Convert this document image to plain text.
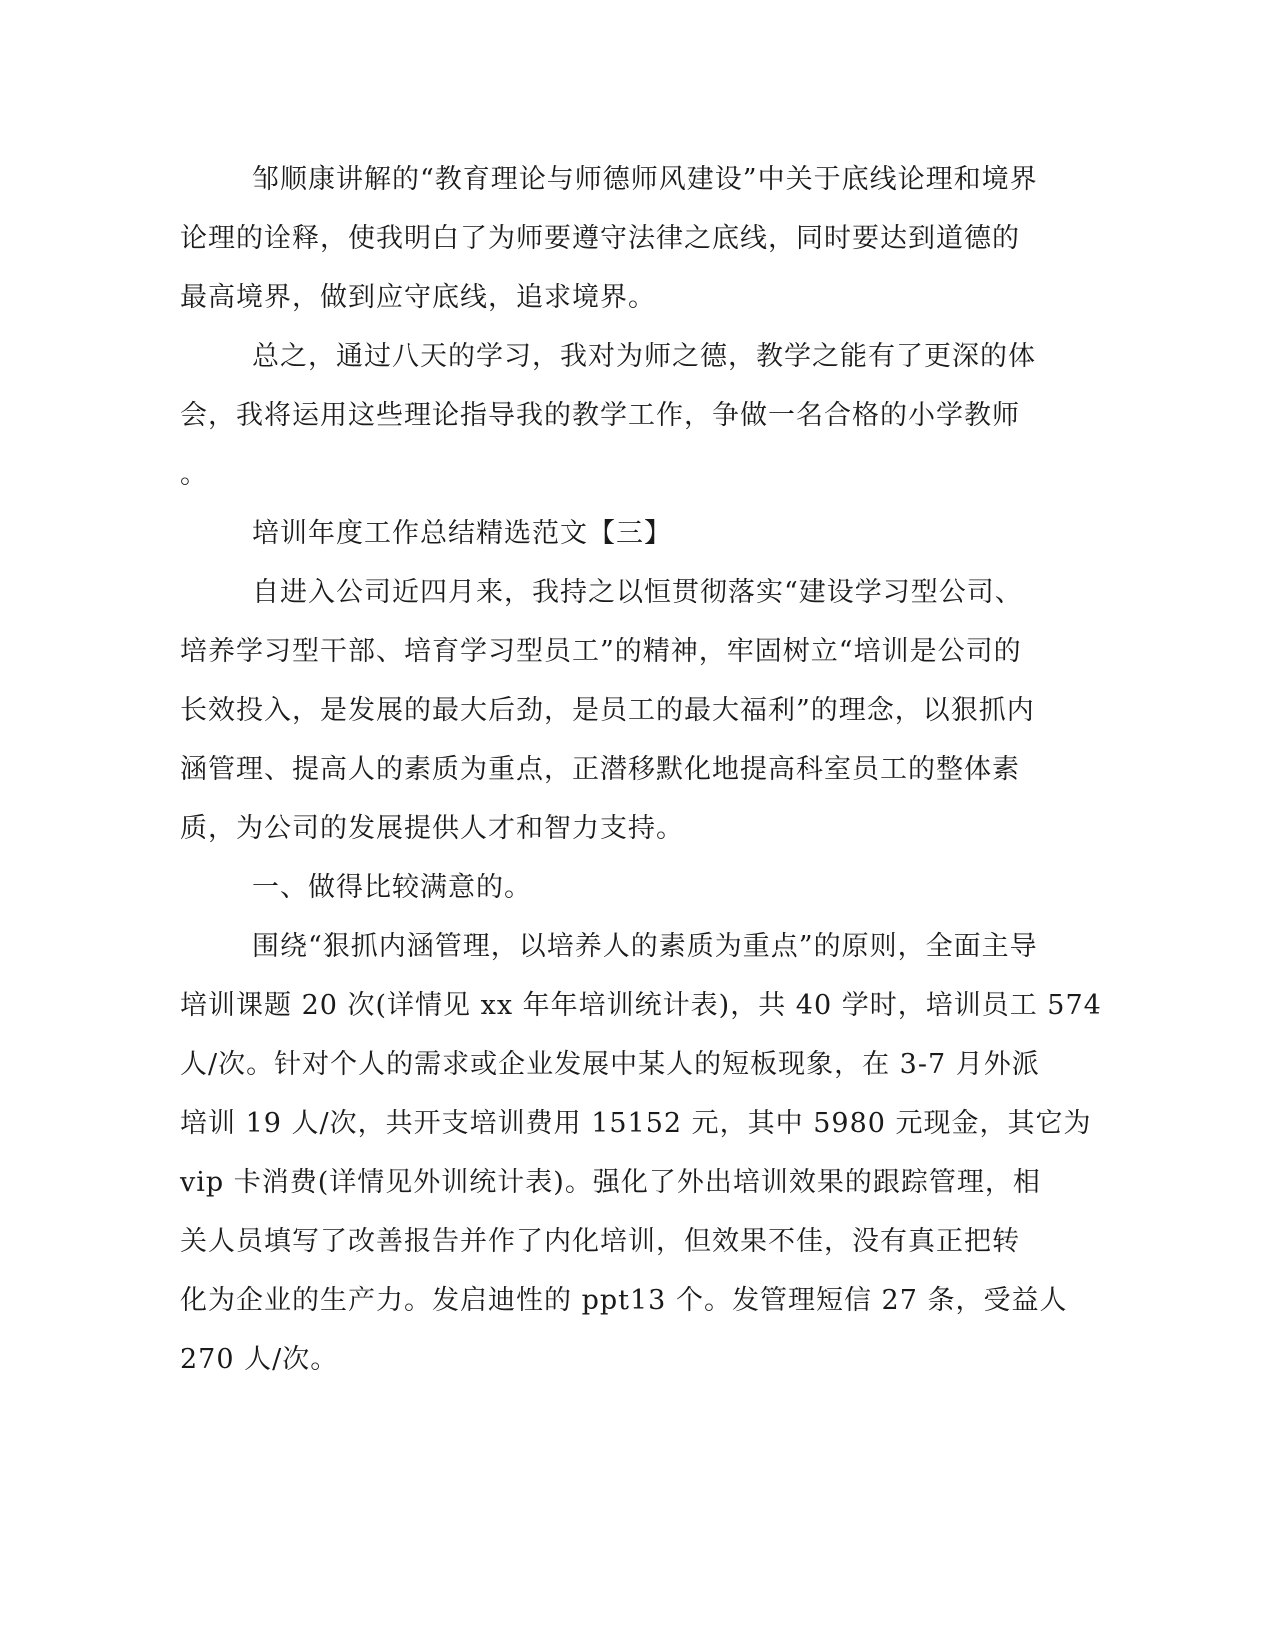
邹顺康讲解的“教育理论与师德师风建设”中关于底线论理和境界
论理的诠释，使我明白了为师要遵守法律之底线，同时要达到道德的
最高境界，做到应守底线，追求境界。
总之，通过八天的学习，我对为师之德，教学之能有了更深的体
会，我将运用这些理论指导我的教学工作，争做一名合格的小学教师
。
培训年度工作总结精选范文【三】
自进入公司近四月来，我持之以恒贯彻落实“建设学习型公司、
培养学习型干部、培育学习型员工”的精神，牢固树立“培训是公司的
长效投入，是发展的最大后劲，是员工的最大福利”的理念，以狠抓内
涵管理、提高人的素质为重点，正潜移默化地提高科室员工的整体素
质，为公司的发展提供人才和智力支持。
一、做得比较满意的。
围绕“狠抓内涵管理，以培养人的素质为重点”的原则，全面主导
培训课题 20 次(详情见 xx 年年培训统计表)，共 40 学时，培训员工 574
人/次。针对个人的需求或企业发展中某人的短板现象，在 3-7 月外派
培训 19 人/次，共开支培训费用 15152 元，其中 5980 元现金，其它为
vip 卡消费(详情见外训统计表)。强化了外出培训效果的跟踪管理，相
关人员填写了改善报告并作了内化培训，但效果不佳，没有真正把转
化为企业的生产力。发启迪性的 ppt13 个。发管理短信 27 条，受益人
270 人/次。
